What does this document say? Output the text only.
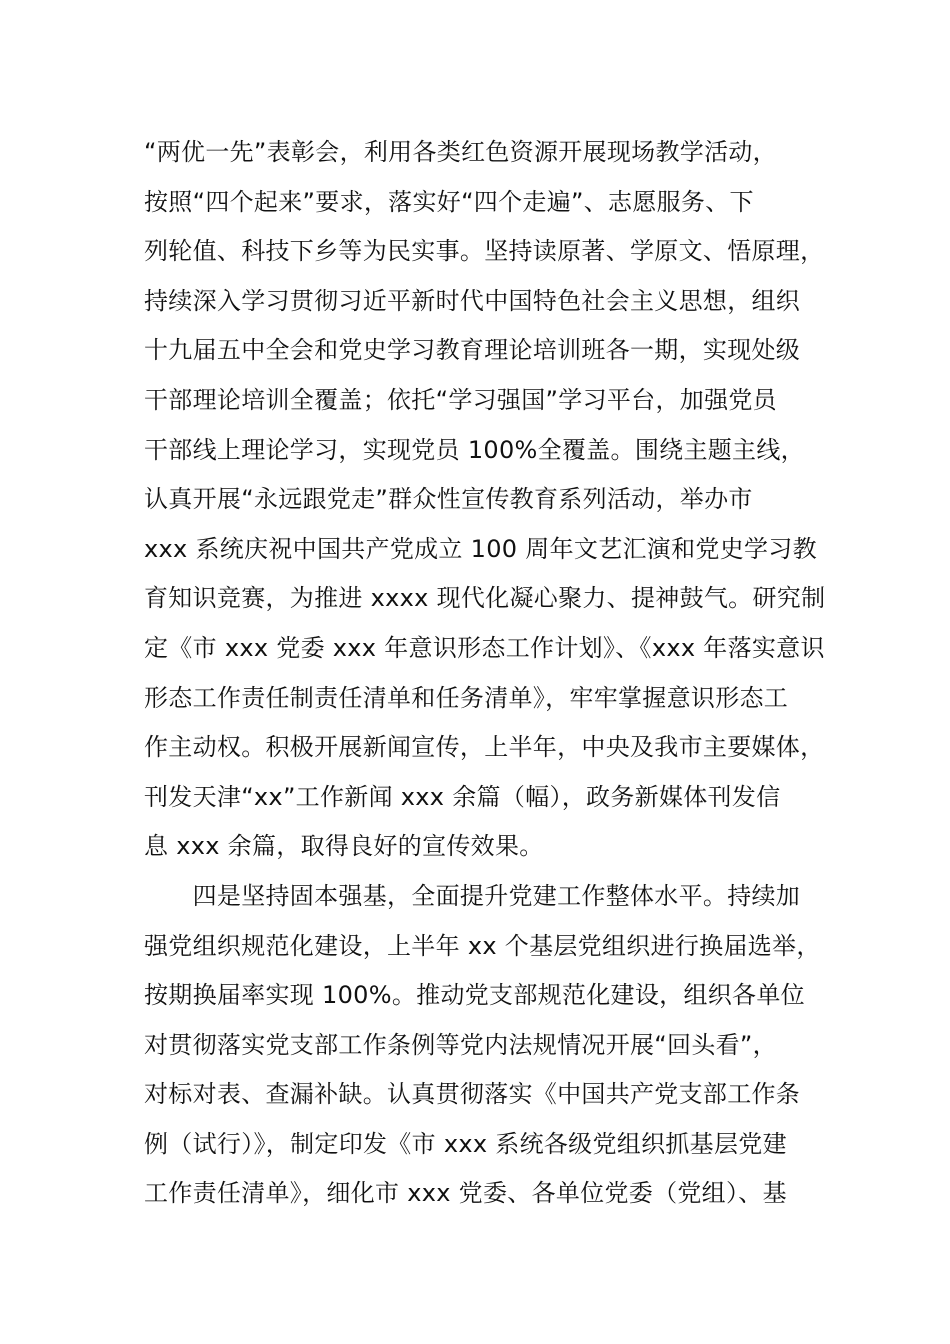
“两优一先”表彰会，利用各类红色资源开展现场教学活动，
按照“四个起来”要求，落实好“四个走遍”、志愿服务、下
列轮值、科技下乡等为民实事。坚持读原著、学原文、悟原理，
持续深入学习贯彻习近平新时代中国特色社会主义思想，组织
十九届五中全会和党史学习教育理论培训班各一期，实现处级
干部理论培训全覆盖；依托“学习强国”学习平台，加强党员
干部线上理论学习，实现党员 100%全覆盖。围绕主题主线，
认真开展“永远跟党走”群众性宣传教育系列活动，举办市
xxx 系统庆祝中国共产党成立 100 周年文艺汇演和党史学习教
育知识竞赛，为推进 xxxx 现代化凝心聚力、提神鼓气。研究制
定《市 xxx 党委 xxx 年意识形态工作计划》、《xxx 年落实意识
形态工作责任制责任清单和任务清单》，牢牢掌握意识形态工
作主动权。积极开展新闻宣传，上半年，中央及我市主要媒体，
刊发天津“xx”工作新闻 xxx 余篇（幅），政务新媒体刊发信
息 xxx 余篇，取得良好的宣传效果。
　　四是坚持固本强基，全面提升党建工作整体水平。持续加
强党组织规范化建设，上半年 xx 个基层党组织进行换届选举，
按期换届率实现 100%。推动党支部规范化建设，组织各单位
对贯彻落实党支部工作条例等党内法规情况开展“回头看”，
对标对表、查漏补缺。认真贯彻落实《中国共产党支部工作条
例（试行）》，制定印发《市 xxx 系统各级党组织抓基层党建
工作责任清单》，细化市 xxx 党委、各单位党委（党组）、基
